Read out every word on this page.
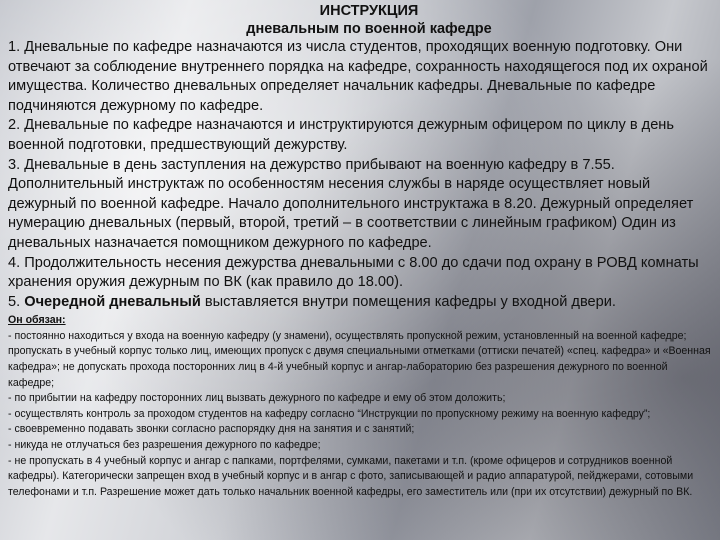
ИНСТРУКЦИЯ
дневальным по военной кафедре

1. Дневальные по кафедре назначаются из числа студентов, проходящих военную подготовку. Они отвечают за соблюдение внутреннего порядка на кафедре, сохранность находящегося под их охраной имущества. Количество дневальных определяет начальник кафедры. Дневальные по кафедре подчиняются дежурному по кафедре.

2. Дневальные по кафедре назначаются и инструктируются дежурным офицером по циклу в день военной подготовки, предшествующий дежурству.

3. Дневальные в день заступления на дежурство прибывают на военную кафедру в 7.55. Дополнительный инструктаж по особенностям несения службы в наряде осуществляет новый дежурный по военной кафедре. Начало дополнительного инструктажа в 8.20. Дежурный определяет нумерацию дневальных (первый, второй, третий – в соответствии с линейным графиком) Один из дневальных назначается помощником дежурного по кафедре.

4. Продолжительность несения дежурства дневальными с 8.00 до сдачи под охрану в РОВД комнаты хранения оружия дежурным по ВК (как правило до 18.00).

5. Очередной дневальный выставляется внутри помещения кафедры у входной двери.

Он обязан:

- постоянно находиться у входа на военную кафедру (у знамени), осуществлять пропускной режим, установленный на военной кафедре; пропускать в учебный корпус только лиц, имеющих пропуск с двумя специальными отметками (оттиски печатей) «спец. кафедра» и «Военная кафедра»; не допускать прохода посторонних лиц в 4-й учебный корпус и ангар-лабораторию без разрешения дежурного по военной кафедре;

- по прибытии на кафедру посторонних лиц вызвать дежурного по кафедре и ему об этом доложить;

- осуществлять контроль за проходом студентов на кафедру согласно “Инструкции по пропускному режиму на военную кафедру”;

- своевременно подавать звонки согласно распорядку дня на занятия и с занятий;

- никуда не отлучаться без разрешения дежурного по кафедре;

- не пропускать в 4 учебный корпус и ангар с папками, портфелями, сумками, пакетами и т.п. (кроме офицеров и сотрудников военной кафедры). Категорически запрещен вход в учебный корпус и в ангар с фото, записывающей и радио аппаратурой, пейджерами, сотовыми телефонами и т.п. Разрешение может дать только начальник военной кафедры, его заместитель или (при их отсутствии) дежурный по ВК.
